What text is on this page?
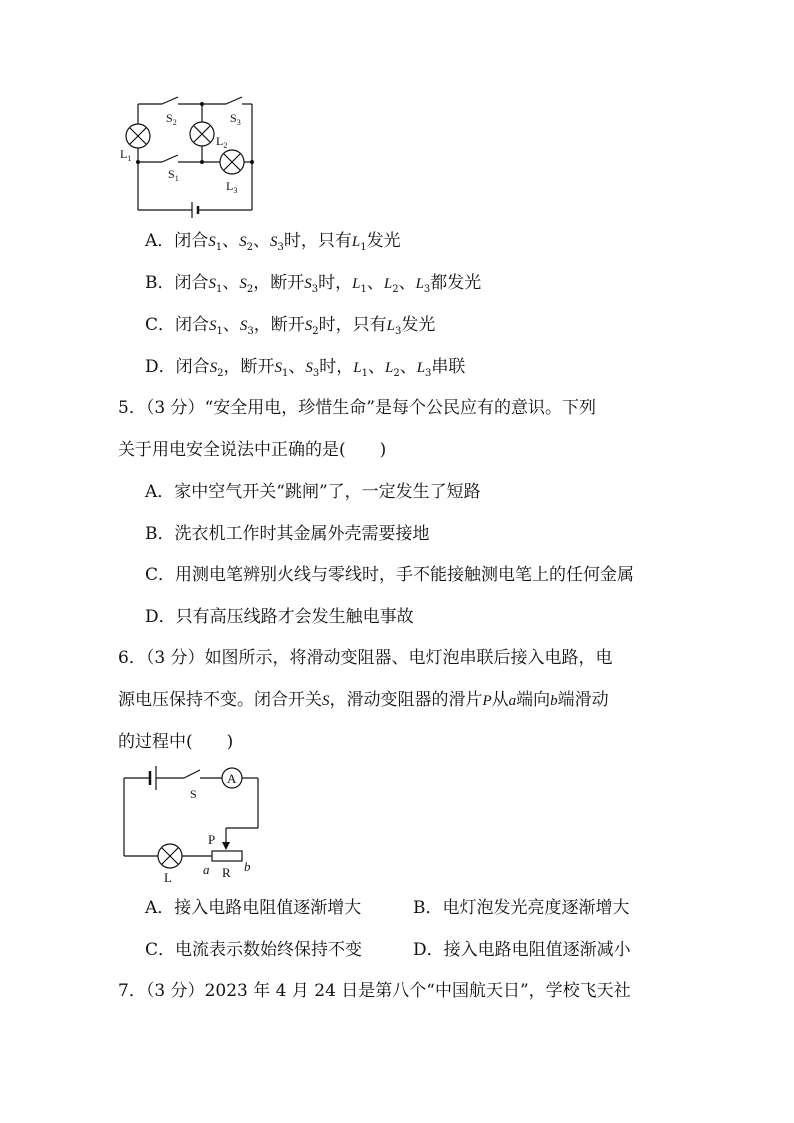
$S_2$	$S_3$
$L_1$
$L_2$
$S_1$
$L_3$
A．闭合$S_1$、$S_2$、$S_3$时，只有$L_1$发光
B．闭合$S_1$、$S_2$，断开$S_3$时，$L_1$、$L_2$、$L_3$都发光
C．闭合$S_1$、$S_3$，断开$S_2$时，只有$L_3$发光
D．闭合$S_2$，断开$S_1$、$S_3$时，$L_1$、$L_2$、$L_3$串联
5．（3 分）“安全用电，珍惜生命”是每个公民应有的意识。下列
关于用电安全说法中正确的是(　　)
A．家中空气开关“跳闸”了，一定发生了短路
B．洗衣机工作时其金属外壳需要接地
C．用测电笔辨别火线与零线时，手不能接触测电笔上的任何金属
D．只有高压线路才会发生触电事故
6．（3 分）如图所示，将滑动变阻器、电灯泡串联后接入电路，电
源电压保持不变。闭合开关S，滑动变阻器的滑片P从a端向b端滑动
的过程中(　　)
A
S
P
L
a R b
A．接入电路电阻值逐渐增大	B．电灯泡发光亮度逐渐增大
C．电流表示数始终保持不变	D．接入电路电阻值逐渐减小
7．（3 分）2023 年 4 月 24 日是第八个“中国航天日”，学校飞天社
